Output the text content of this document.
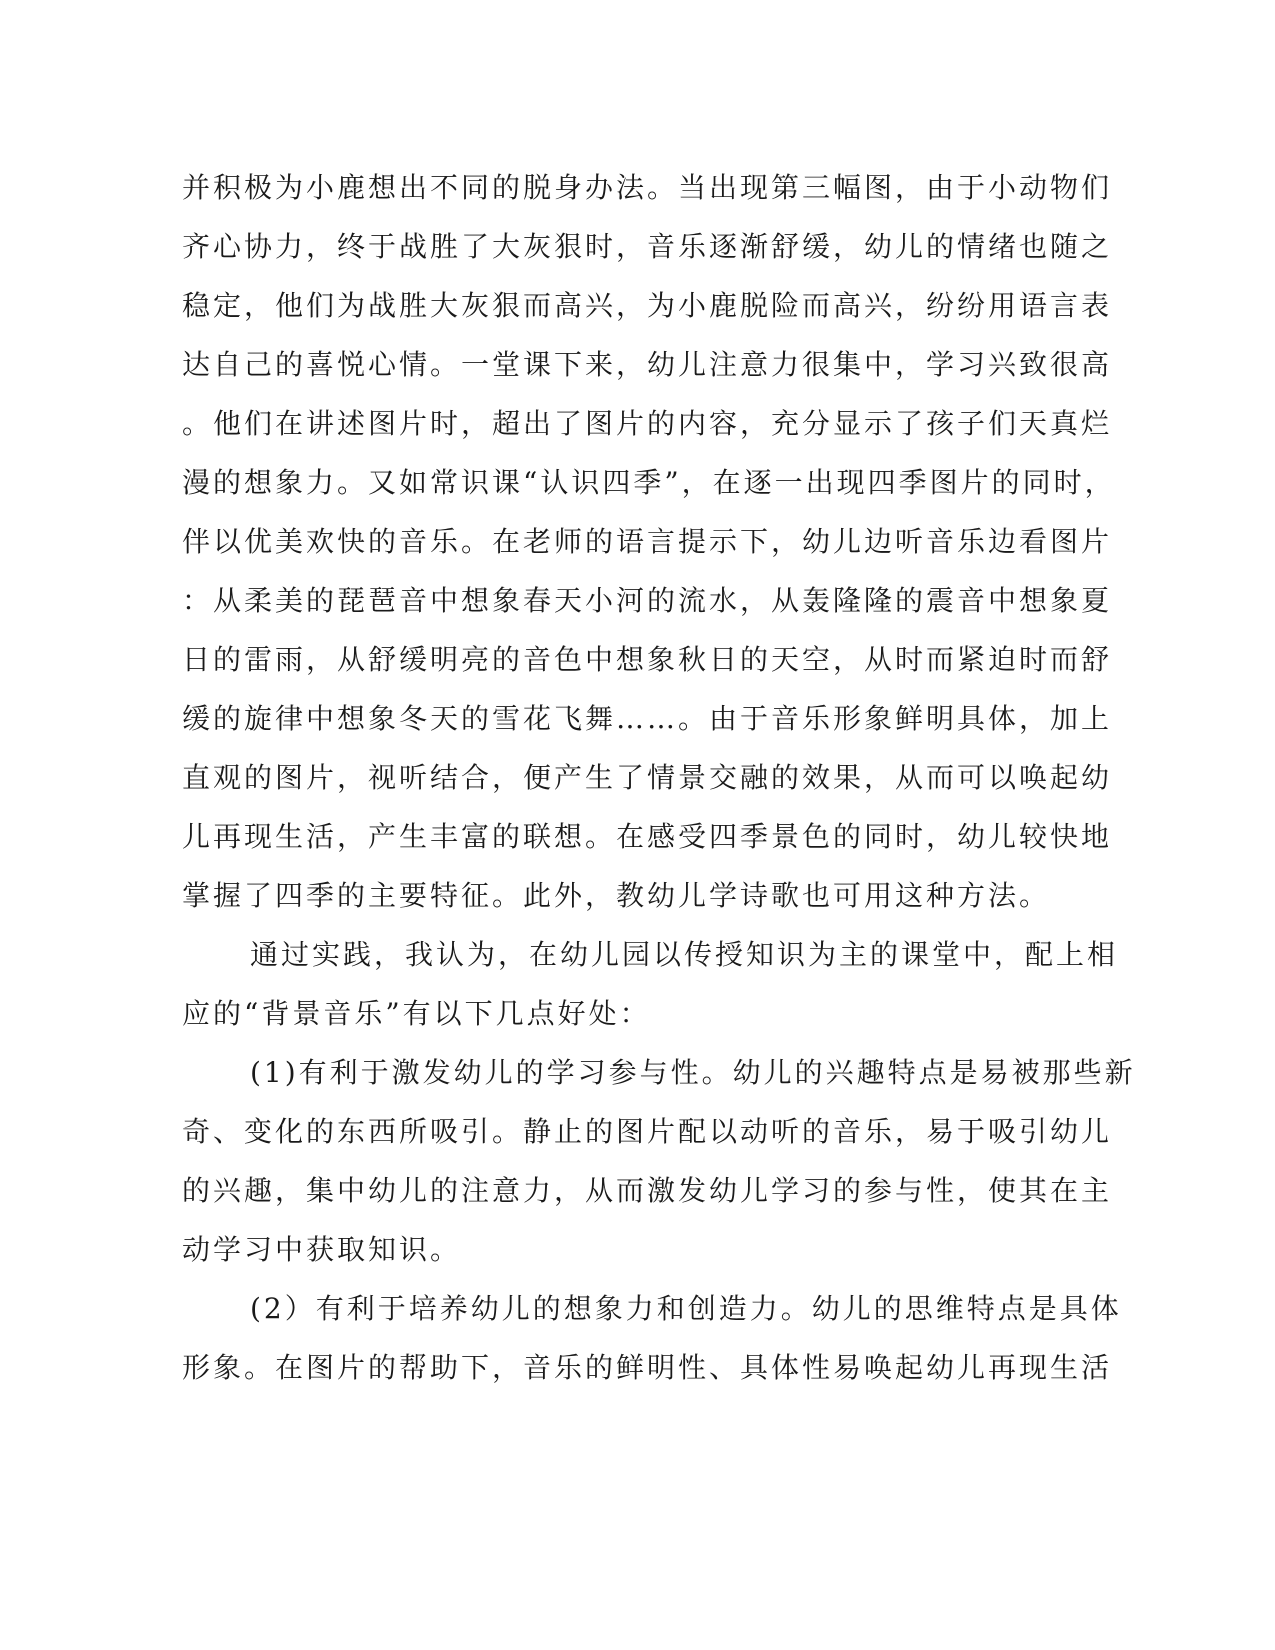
并积极为小鹿想出不同的脱身办法。当出现第三幅图，由于小动物们
齐心协力，终于战胜了大灰狠时，音乐逐渐舒缓，幼儿的情绪也随之
稳定，他们为战胜大灰狠而高兴，为小鹿脱险而高兴，纷纷用语言表
达自己的喜悦心情。一堂课下来，幼儿注意力很集中，学习兴致很高
。他们在讲述图片时，超出了图片的内容，充分显示了孩子们天真烂
漫的想象力。又如常识课“认识四季”，在逐一出现四季图片的同时，
伴以优美欢快的音乐。在老师的语言提示下，幼儿边听音乐边看图片
：从柔美的琵琶音中想象春天小河的流水，从轰隆隆的震音中想象夏
日的雷雨，从舒缓明亮的音色中想象秋日的天空，从时而紧迫时而舒
缓的旋律中想象冬天的雪花飞舞……。由于音乐形象鲜明具体，加上
直观的图片，视听结合，便产生了情景交融的效果，从而可以唤起幼
儿再现生活，产生丰富的联想。在感受四季景色的同时，幼儿较快地
掌握了四季的主要特征。此外，教幼儿学诗歌也可用这种方法。
通过实践，我认为，在幼儿园以传授知识为主的课堂中，配上相
应的“背景音乐”有以下几点好处：
(1)有利于激发幼儿的学习参与性。幼儿的兴趣特点是易被那些新
奇、变化的东西所吸引。静止的图片配以动听的音乐，易于吸引幼儿
的兴趣，集中幼儿的注意力，从而激发幼儿学习的参与性，使其在主
动学习中获取知识。
(2）有利于培养幼儿的想象力和创造力。幼儿的思维特点是具体
形象。在图片的帮助下，音乐的鲜明性、具体性易唤起幼儿再现生活
